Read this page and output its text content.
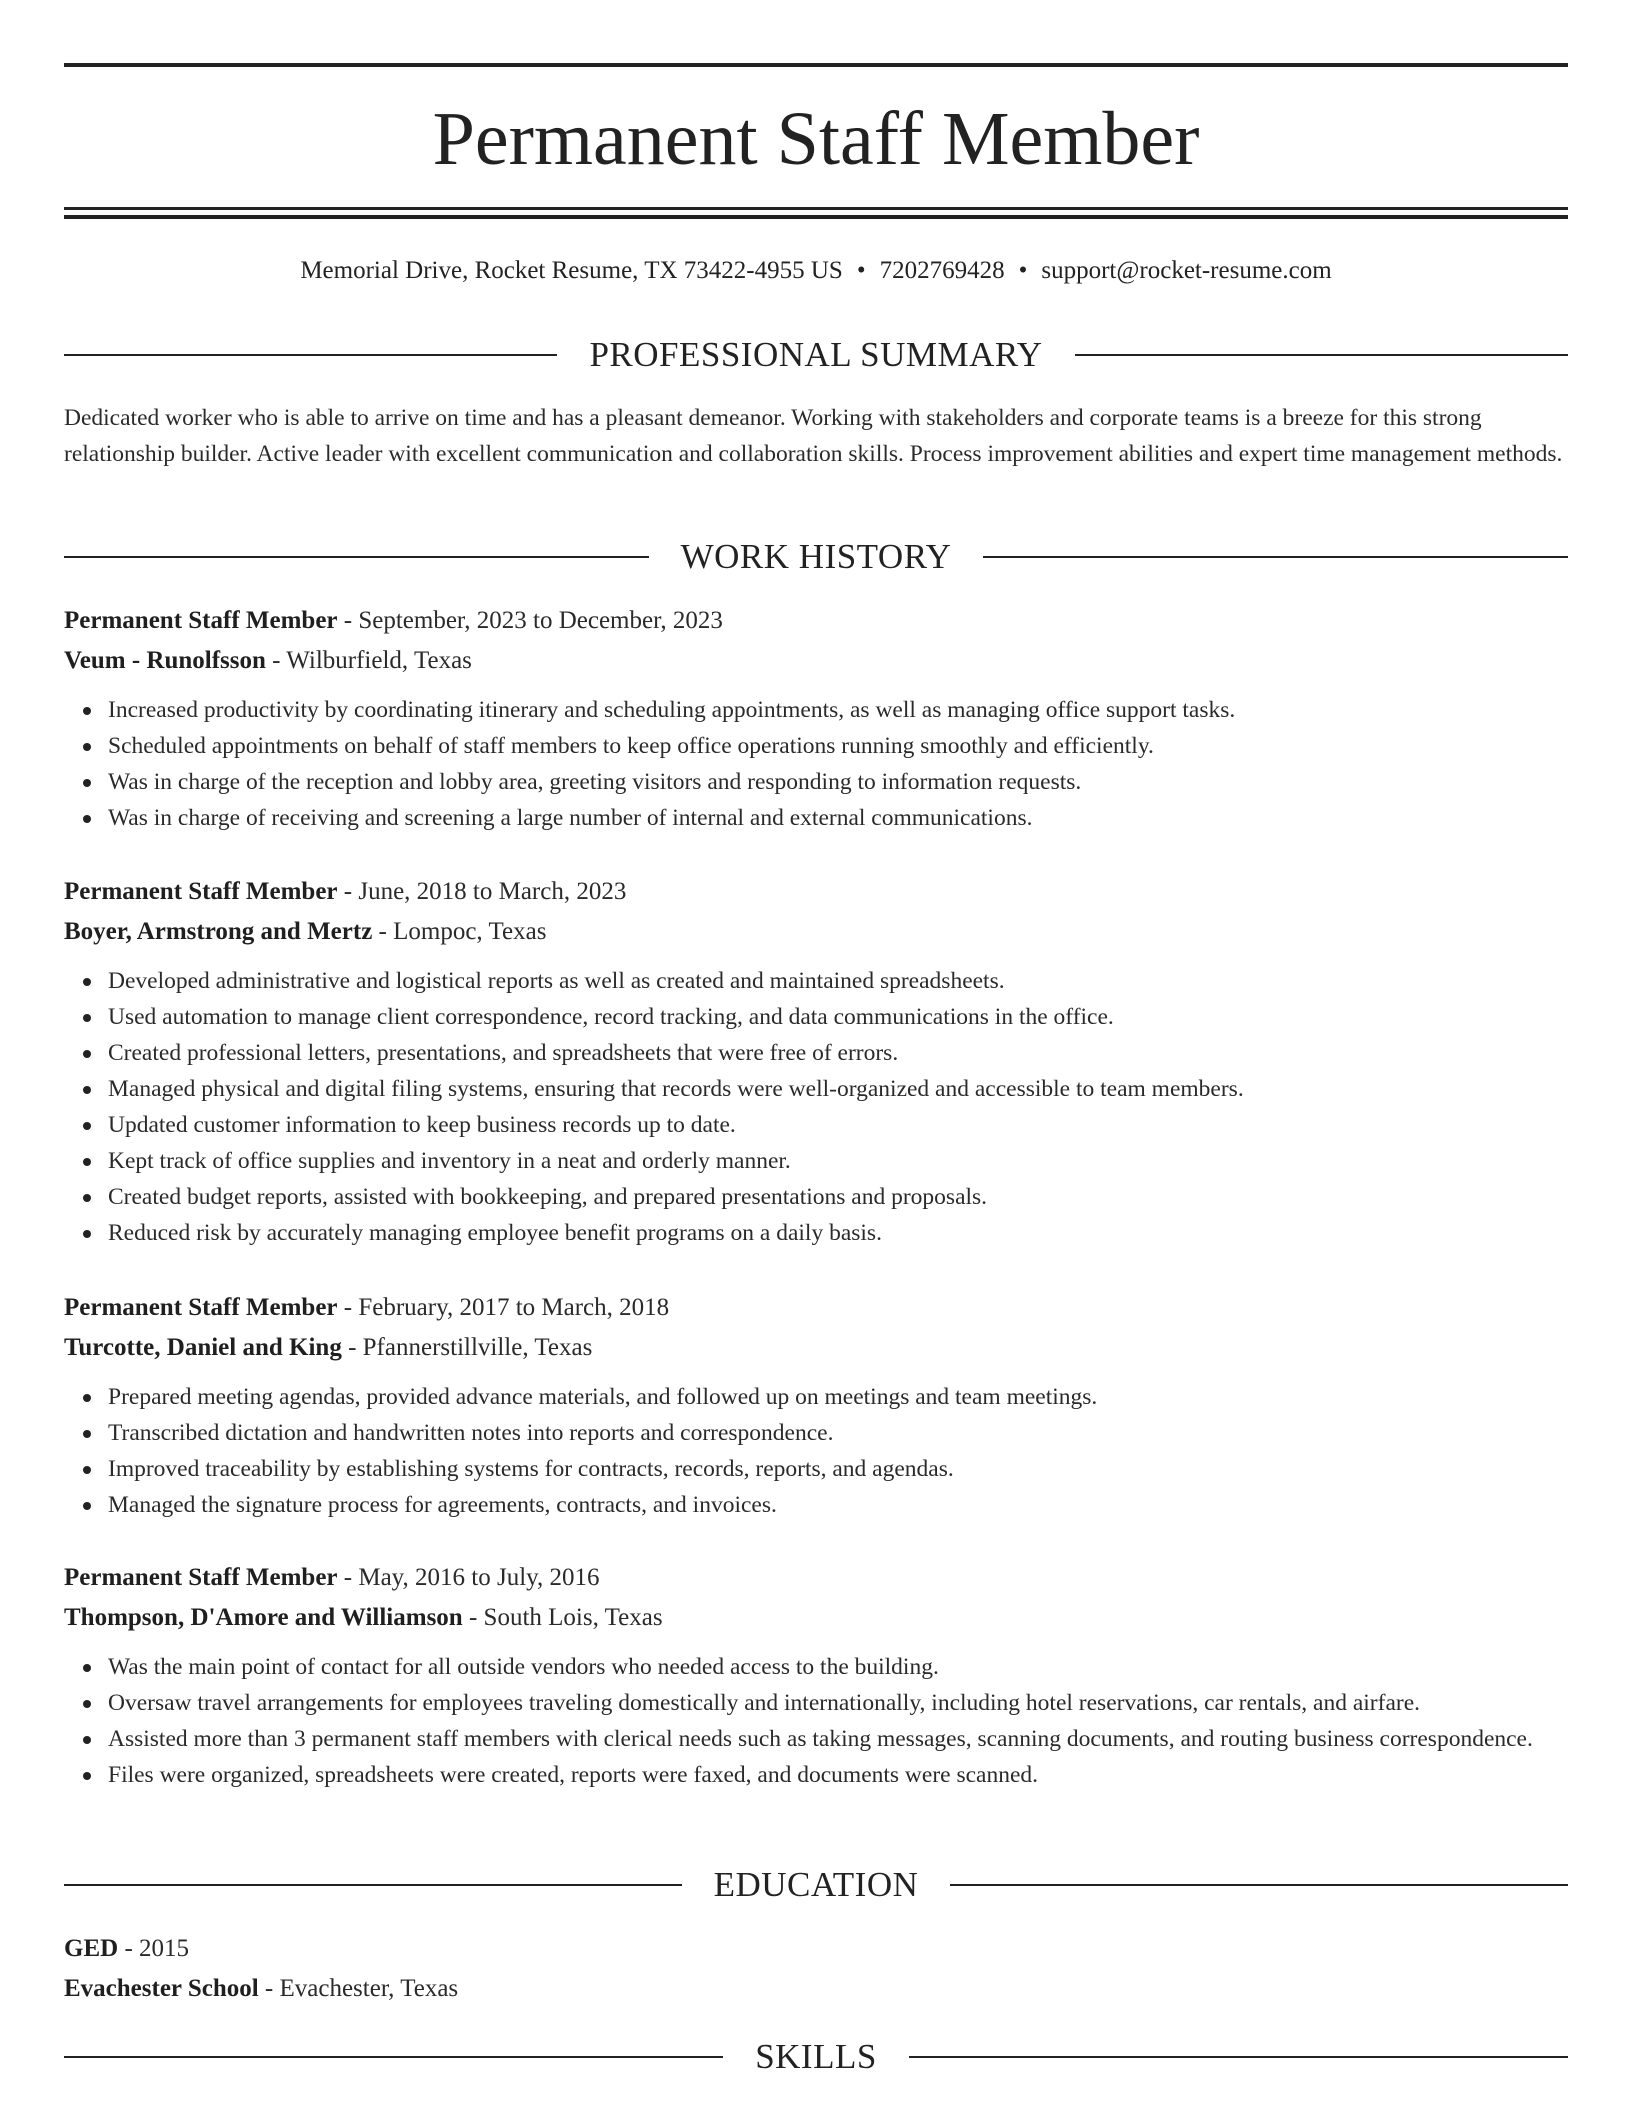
Permanent Staff Member
Memorial Drive, Rocket Resume, TX 73422-4955 US • 7202769428 • support@rocket-resume.com
PROFESSIONAL SUMMARY
Dedicated worker who is able to arrive on time and has a pleasant demeanor. Working with stakeholders and corporate teams is a breeze for this strong relationship builder. Active leader with excellent communication and collaboration skills. Process improvement abilities and expert time management methods.
WORK HISTORY
Permanent Staff Member - September, 2023 to December, 2023
Veum - Runolfsson - Wilburfield, Texas
Increased productivity by coordinating itinerary and scheduling appointments, as well as managing office support tasks.
Scheduled appointments on behalf of staff members to keep office operations running smoothly and efficiently.
Was in charge of the reception and lobby area, greeting visitors and responding to information requests.
Was in charge of receiving and screening a large number of internal and external communications.
Permanent Staff Member - June, 2018 to March, 2023
Boyer, Armstrong and Mertz - Lompoc, Texas
Developed administrative and logistical reports as well as created and maintained spreadsheets.
Used automation to manage client correspondence, record tracking, and data communications in the office.
Created professional letters, presentations, and spreadsheets that were free of errors.
Managed physical and digital filing systems, ensuring that records were well-organized and accessible to team members.
Updated customer information to keep business records up to date.
Kept track of office supplies and inventory in a neat and orderly manner.
Created budget reports, assisted with bookkeeping, and prepared presentations and proposals.
Reduced risk by accurately managing employee benefit programs on a daily basis.
Permanent Staff Member - February, 2017 to March, 2018
Turcotte, Daniel and King - Pfannerstillville, Texas
Prepared meeting agendas, provided advance materials, and followed up on meetings and team meetings.
Transcribed dictation and handwritten notes into reports and correspondence.
Improved traceability by establishing systems for contracts, records, reports, and agendas.
Managed the signature process for agreements, contracts, and invoices.
Permanent Staff Member - May, 2016 to July, 2016
Thompson, D'Amore and Williamson - South Lois, Texas
Was the main point of contact for all outside vendors who needed access to the building.
Oversaw travel arrangements for employees traveling domestically and internationally, including hotel reservations, car rentals, and airfare.
Assisted more than 3 permanent staff members with clerical needs such as taking messages, scanning documents, and routing business correspondence.
Files were organized, spreadsheets were created, reports were faxed, and documents were scanned.
EDUCATION
GED - 2015
Evachester School - Evachester, Texas
SKILLS
